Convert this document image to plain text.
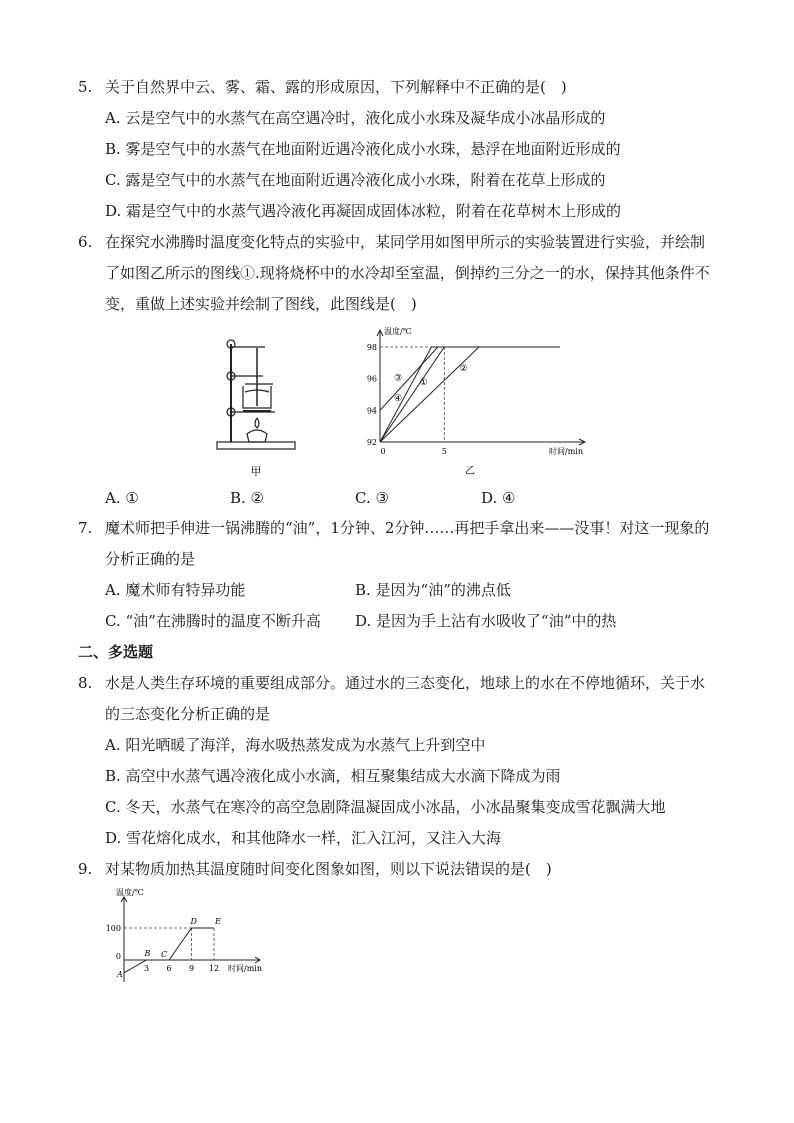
5. 关于自然界中云、雾、霜、露的形成原因，下列解释中不正确的是(　)
A. 云是空气中的水蒸气在高空遇冷时，液化成小水珠及凝华成小冰晶形成的
B. 雾是空气中的水蒸气在地面附近遇冷液化成小水珠，悬浮在地面附近形成的
C. 露是空气中的水蒸气在地面附近遇冷液化成小水珠，附着在花草上形成的
D. 霜是空气中的水蒸气遇冷液化再凝固成固体冰粒，附着在花草树木上形成的
6. 在探究水沸腾时温度变化特点的实验中，某同学用如图甲所示的实验装置进行实验，并绘制了如图乙所示的图线①.现将烧杯中的水冷却至室温，倒掉约三分之一的水，保持其他条件不变，重做上述实验并绘制了图线，此图线是(　)
甲
温度/℃
时间/min
92
94
96
98
0	5
①
②
③
④
乙
A. ①	B. ②	C. ③	D. ④
7. 魔术师把手伸进一锅沸腾的“油”，1分钟、2分钟……再把手拿出来——没事！对这一现象的分析正确的是
A. 魔术师有特异功能	B. 是因为“油”的沸点低
C. “油”在沸腾时的温度不断升高 D. 是因为手上沾有水吸收了“油”中的热
二、多选题
8. 水是人类生存环境的重要组成部分。通过水的三态变化，地球上的水在不停地循环，关于水的三态变化分析正确的是
A. 阳光晒暖了海洋，海水吸热蒸发成为水蒸气上升到空中
B. 高空中水蒸气遇冷液化成小水滴，相互聚集结成大水滴下降成为雨
C. 冬天，水蒸气在寒冷的高空急剧降温凝固成小冰晶，小冰晶聚集变成雪花飘满大地
D. 雪花熔化成水，和其他降水一样，汇入江河，又注入大海
9. 对某物质加热其温度随时间变化图象如图，则以下说法错误的是(　)
温度/℃
时间/min
0
100
3 6 9 12
A
B C
D E
